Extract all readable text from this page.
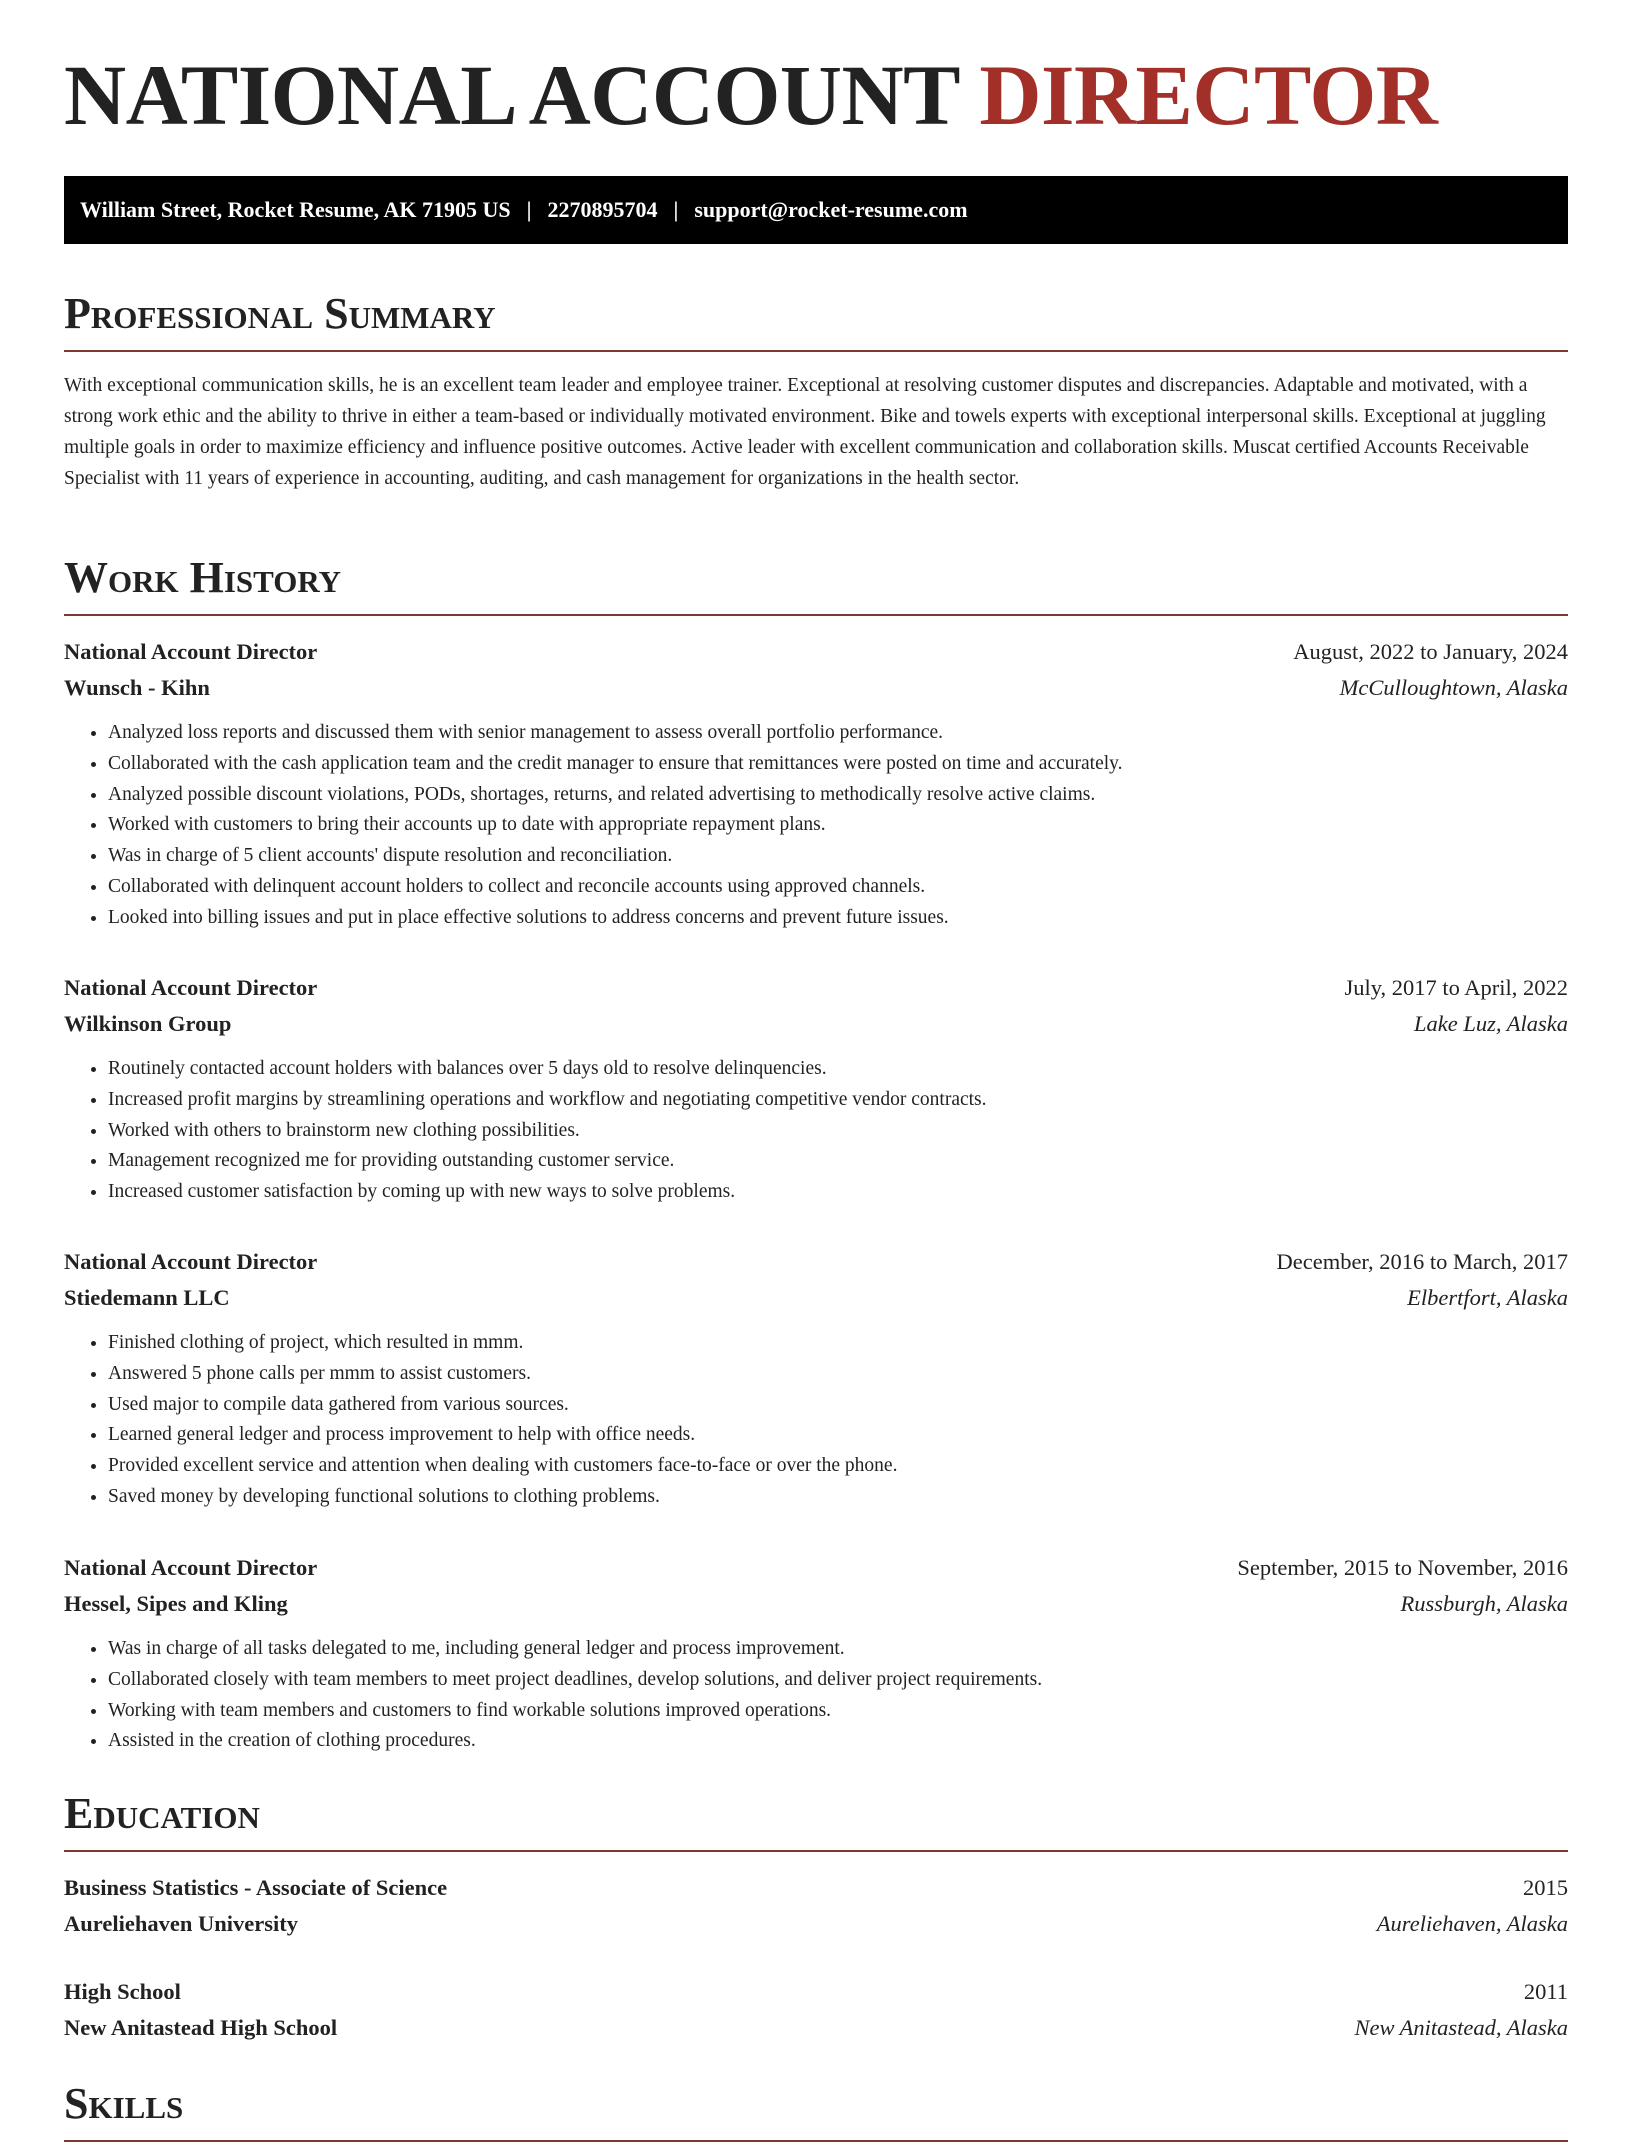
NATIONAL ACCOUNT DIRECTOR
William Street, Rocket Resume, AK 71905 US | 2270895704 | support@rocket-resume.com
Professional Summary

With exceptional communication skills, he is an excellent team leader and employee trainer. Exceptional at resolving customer disputes and discrepancies. Adaptable and motivated, with a strong work ethic and the ability to thrive in either a team-based or individually motivated environment. Bike and towels experts with exceptional interpersonal skills. Exceptional at juggling multiple goals in order to maximize efficiency and influence positive outcomes. Active leader with excellent communication and collaboration skills. Muscat certified Accounts Receivable Specialist with 11 years of experience in accounting, auditing, and cash management for organizations in the health sector.

Work History
National Account Director	August, 2022 to January, 2024
Wunsch - Kihn	McCulloughtown, Alaska
• Analyzed loss reports and discussed them with senior management to assess overall portfolio performance.
• Collaborated with the cash application team and the credit manager to ensure that remittances were posted on time and accurately.
• Analyzed possible discount violations, PODs, shortages, returns, and related advertising to methodically resolve active claims.
• Worked with customers to bring their accounts up to date with appropriate repayment plans.
• Was in charge of 5 client accounts' dispute resolution and reconciliation.
• Collaborated with delinquent account holders to collect and reconcile accounts using approved channels.
• Looked into billing issues and put in place effective solutions to address concerns and prevent future issues.
National Account Director	July, 2017 to April, 2022
Wilkinson Group	Lake Luz, Alaska
• Routinely contacted account holders with balances over 5 days old to resolve delinquencies.
• Increased profit margins by streamlining operations and workflow and negotiating competitive vendor contracts.
• Worked with others to brainstorm new clothing possibilities.
• Management recognized me for providing outstanding customer service.
• Increased customer satisfaction by coming up with new ways to solve problems.
National Account Director	December, 2016 to March, 2017
Stiedemann LLC	Elbertfort, Alaska
• Finished clothing of project, which resulted in mmm.
• Answered 5 phone calls per mmm to assist customers.
• Used major to compile data gathered from various sources.
• Learned general ledger and process improvement to help with office needs.
• Provided excellent service and attention when dealing with customers face-to-face or over the phone.
• Saved money by developing functional solutions to clothing problems.
National Account Director	September, 2015 to November, 2016
Hessel, Sipes and Kling	Russburgh, Alaska
• Was in charge of all tasks delegated to me, including general ledger and process improvement.
• Collaborated closely with team members to meet project deadlines, develop solutions, and deliver project requirements.
• Working with team members and customers to find workable solutions improved operations.
• Assisted in the creation of clothing procedures.
Education
Business Statistics - Associate of Science	2015
Aureliehaven University	Aureliehaven, Alaska
High School	2011
New Anitastead High School	New Anitastead, Alaska
Skills
